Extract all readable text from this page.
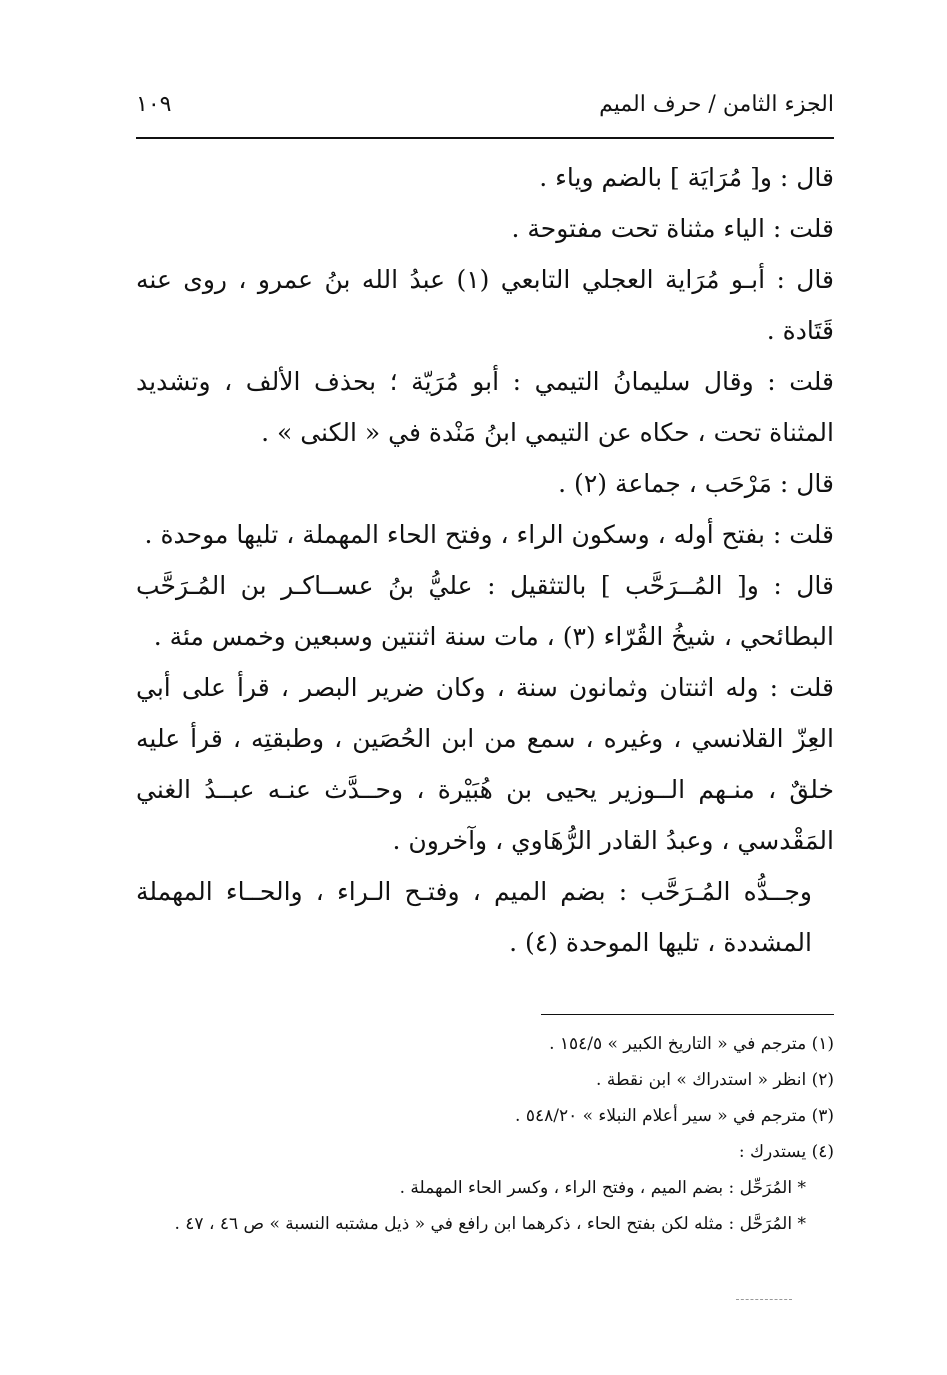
الجزء الثامن / حرف الميم
١٠٩

قال : و[ مُرَايَة ] بالضم وياء .

قلت : الياء مثناة تحت مفتوحة .

قال : أبـو مُرَاية العجلي التابعي (١) عبدُ الله بنُ عمرو ، روى عنه قَتَادة .

قلت : وقال سليمانُ التيمي : أبو مُرَيّة ؛ بحذف الألف ، وتشديد المثناة تحت ، حكاه عن التيمي ابنُ مَنْدة في « الكنى » .

قال : مَرْحَب ، جماعة (٢) .

قلت : بفتح أوله ، وسكون الراء ، وفتح الحاء المهملة ، تليها موحدة .

قال : و[ المُــرَحَّب ] بالتثقيل : عليُّ بنُ عســاكـر بن المُـرَحَّب البطائحي ، شيخُ القُرّاء (٣) ، مات سنة اثنتين وسبعين وخمس مئة .

قلت : وله اثنتان وثمانون سنة ، وكان ضرير البصر ، قرأ على أبي العِزّ القلانسي ، وغيره ، سمع من ابن الحُصَين ، وطبقتِه ، قرأ عليه خلقٌ ، منـهم الــوزير يحيى بن هُبَيْرة ، وحــدَّث عنـه عبــدُ الغني المَقْدسي ، وعبدُ القادر الرُّهَاوي ، وآخرون .

وجــدُّه المُـرَحَّب : بضم الميم ، وفتـح الـراء ، والحــاء المهملة المشددة ، تليها الموحدة (٤) .

(١) مترجم في « التاريخ الكبير » ١٥٤/٥ .

(٢) انظر « استدراك » ابن نقطة .

(٣) مترجم في « سير أعلام النبلاء » ٥٤٨/٢٠ .

(٤) يستدرك :

* المُرَحِّل : بضم الميم ، وفتح الراء ، وكسر الحاء المهملة .

* المُرَحَّل : مثله لكن بفتح الحاء ، ذكرهما ابن رافع في « ذيل مشتبه النسبة » ص ٤٦ ، ٤٧ .
